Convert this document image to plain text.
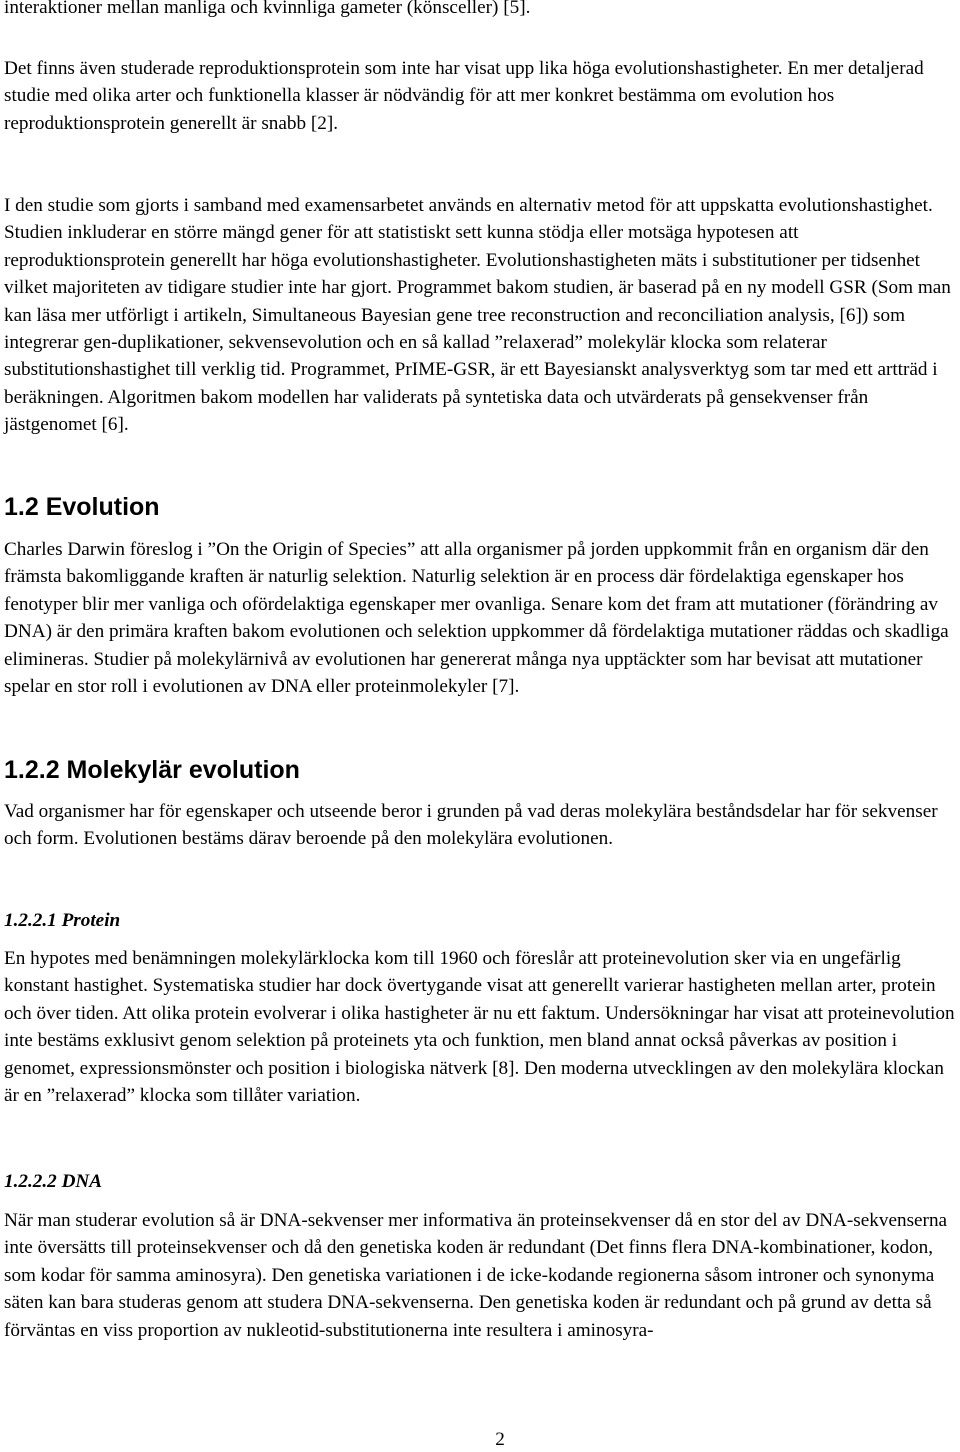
interaktioner mellan manliga och kvinnliga gameter (könsceller) [5].

Det finns även studerade reproduktionsprotein som inte har visat upp lika höga evolutionshastigheter. En mer detaljerad studie med olika arter och funktionella klasser är nödvändig för att mer konkret bestämma om evolution hos reproduktionsprotein generellt är snabb [2].

I den studie som gjorts i samband med examensarbetet används en alternativ metod för att uppskatta evolutionshastighet. Studien inkluderar en större mängd gener för att statistiskt sett kunna stödja eller motsäga hypotesen att reproduktionsprotein generellt har höga evolutionshastigheter. Evolutionshastigheten mäts i substitutioner per tidsenhet vilket majoriteten av tidigare studier inte har gjort. Programmet bakom studien, är baserad på en ny modell GSR (Som man kan läsa mer utförligt i artikeln, Simultaneous Bayesian gene tree reconstruction and reconciliation analysis, [6]) som integrerar gen-duplikationer, sekvensevolution och en så kallad ”relaxerad” molekylär klocka som relaterar substitutionshastighet till verklig tid. Programmet, PrIME-GSR, är ett Bayesianskt analysverktyg som tar med ett artträd i beräkningen. Algoritmen bakom modellen har validerats på syntetiska data och utvärderats på gensekvenser från jästgenomet [6].

1.2 Evolution

Charles Darwin föreslog i ”On the Origin of Species” att alla organismer på jorden uppkommit från en organism där den främsta bakomliggande kraften är naturlig selektion. Naturlig selektion är en process där fördelaktiga egenskaper hos fenotyper blir mer vanliga och ofördelaktiga egenskaper mer ovanliga. Senare kom det fram att mutationer (förändring av DNA) är den primära kraften bakom evolutionen och selektion uppkommer då fördelaktiga mutationer räddas och skadliga elimineras. Studier på molekylärnivå av evolutionen har genererat många nya upptäckter som har bevisat att mutationer spelar en stor roll i evolutionen av DNA eller proteinmolekyler [7].

1.2.2 Molekylär evolution

Vad organismer har för egenskaper och utseende beror i grunden på vad deras molekylära beståndsdelar har för sekvenser och form. Evolutionen bestäms därav beroende på den molekylära evolutionen.

1.2.2.1 Protein

En hypotes med benämningen molekylärklocka kom till 1960 och föreslår att proteinevolution sker via en ungefärlig konstant hastighet. Systematiska studier har dock övertygande visat att generellt varierar hastigheten mellan arter, protein och över tiden. Att olika protein evolverar i olika hastigheter är nu ett faktum. Undersökningar har visat att proteinevolution inte bestäms exklusivt genom selektion på proteinets yta och funktion, men bland annat också påverkas av position i genomet, expressionsmönster och position i biologiska nätverk [8]. Den moderna utvecklingen av den molekylära klockan är en ”relaxerad” klocka som tillåter variation.

1.2.2.2 DNA

När man studerar evolution så är DNA-sekvenser mer informativa än proteinsekvenser då en stor del av DNA-sekvenserna inte översätts till proteinsekvenser och då den genetiska koden är redundant (Det finns flera DNA-kombinationer, kodon, som kodar för samma aminosyra). Den genetiska variationen i de icke-kodande regionerna såsom introner och synonyma säten kan bara studeras genom att studera DNA-sekvenserna. Den genetiska koden är redundant och på grund av detta så förväntas en viss proportion av nukleotid-substitutionerna inte resultera i aminosyra-

2
